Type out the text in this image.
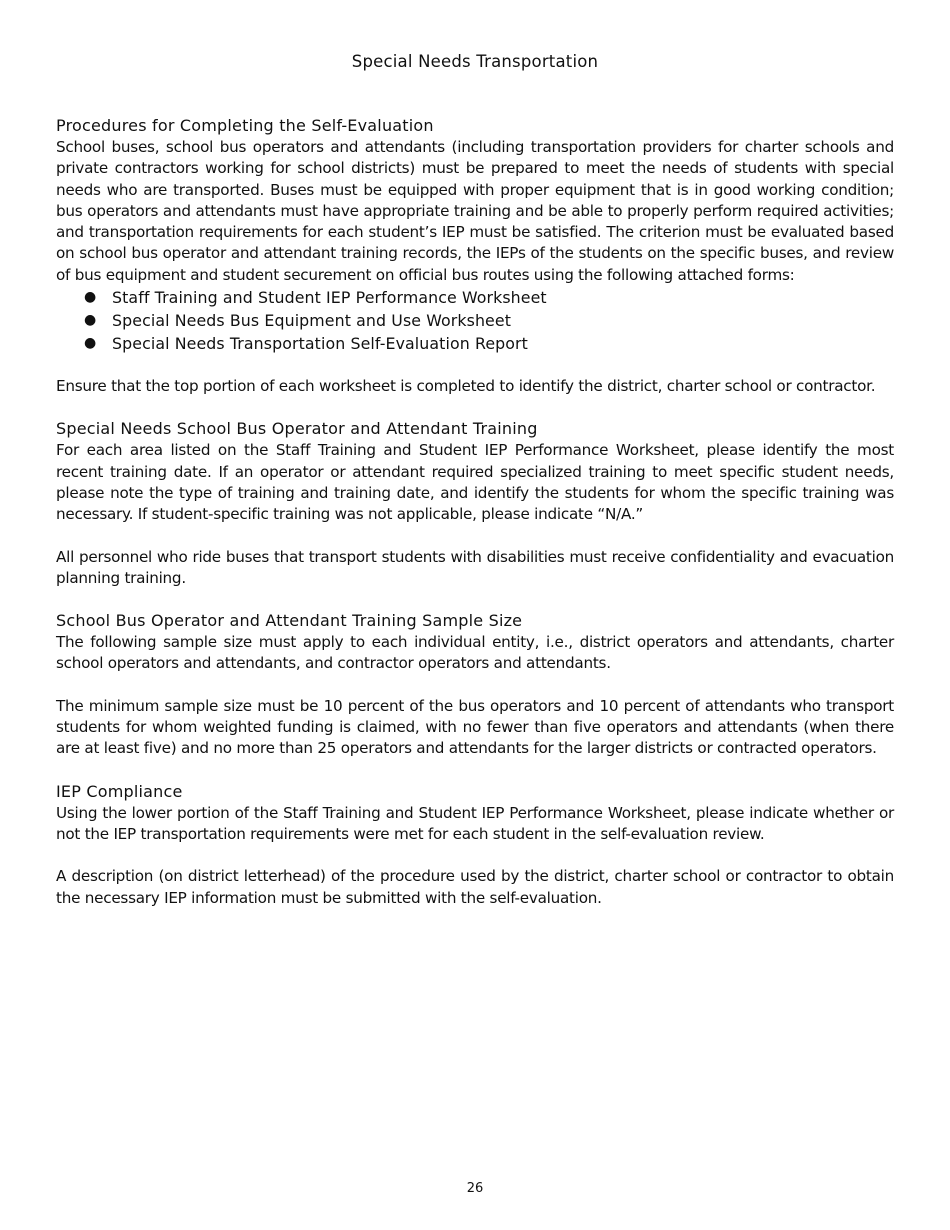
Special Needs Transportation
Procedures for Completing the Self-Evaluation

School buses, school bus operators and attendants (including transportation providers for charter schools and private contractors working for school districts) must be prepared to meet the needs of students with special needs who are transported. Buses must be equipped with proper equipment that is in good working condition; bus operators and attendants must have appropriate training and be able to properly perform required activities; and transportation requirements for each student’s IEP must be satisfied. The criterion must be evaluated based on school bus operator and attendant training records, the IEPs of the students on the specific buses, and review of bus equipment and student securement on official bus routes using the following attached forms:

● Staff Training and Student IEP Performance Worksheet
● Special Needs Bus Equipment and Use Worksheet
● Special Needs Transportation Self-Evaluation Report

Ensure that the top portion of each worksheet is completed to identify the district, charter school or contractor.

Special Needs School Bus Operator and Attendant Training

For each area listed on the Staff Training and Student IEP Performance Worksheet, please identify the most recent training date. If an operator or attendant required specialized training to meet specific student needs, please note the type of training and training date, and identify the students for whom the specific training was necessary. If student-specific training was not applicable, please indicate “N/A.”

All personnel who ride buses that transport students with disabilities must receive confidentiality and evacuation planning training.

School Bus Operator and Attendant Training Sample Size

The following sample size must apply to each individual entity, i.e., district operators and attendants, charter school operators and attendants, and contractor operators and attendants.

The minimum sample size must be 10 percent of the bus operators and 10 percent of attendants who transport students for whom weighted funding is claimed, with no fewer than five operators and attendants (when there are at least five) and no more than 25 operators and attendants for the larger districts or contracted operators.

IEP Compliance

Using the lower portion of the Staff Training and Student IEP Performance Worksheet, please indicate whether or not the IEP transportation requirements were met for each student in the self-evaluation review.

A description (on district letterhead) of the procedure used by the district, charter school or contractor to obtain the necessary IEP information must be submitted with the self-evaluation.

26
